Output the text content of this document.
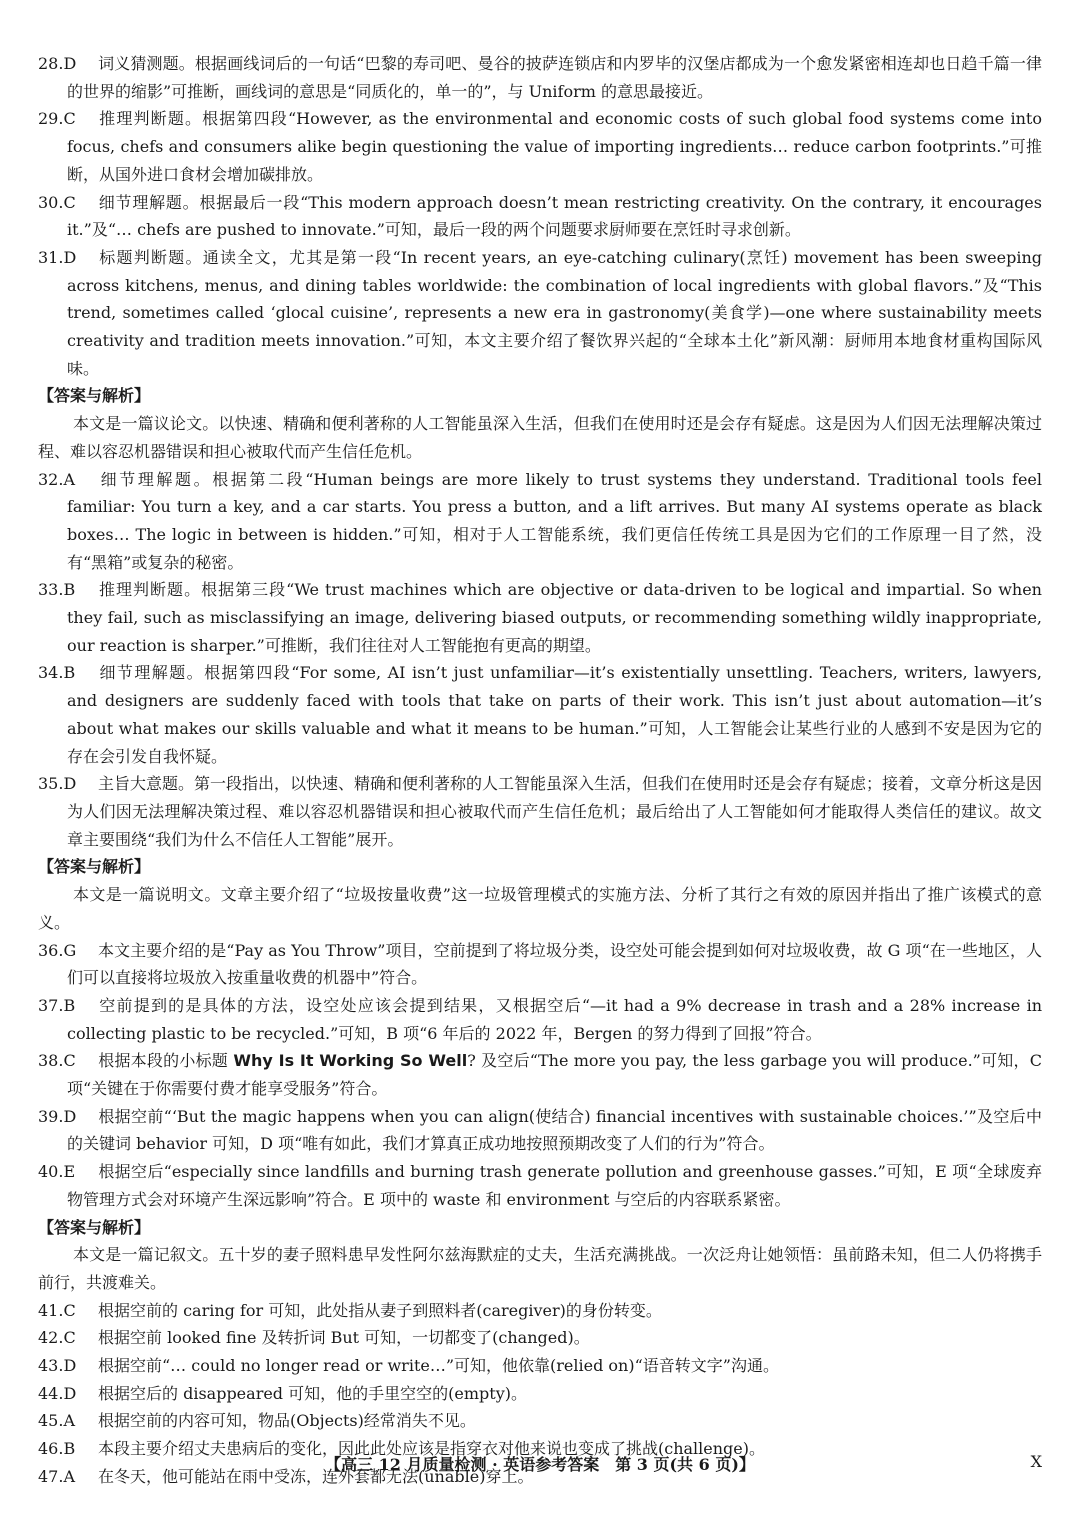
28.D 词义猜测题。根据画线词后的一句话“巴黎的寿司吧、曼谷的披萨连锁店和内罗毕的汉堡店都成为一个愈发紧密相连却也日趋千篇一律的世界的缩影”可推断，画线词的意思是“同质化的，单一的”，与 Uniform 的意思最接近。

29.C 推理判断题。根据第四段“However, as the environmental and economic costs of such global food systems come into focus, chefs and consumers alike begin questioning the value of importing ingredients… reduce carbon footprints.”可推断，从国外进口食材会增加碳排放。

30.C 细节理解题。根据最后一段“This modern approach doesn’t mean restricting creativity. On the contrary, it encourages it.”及“… chefs are pushed to innovate.”可知，最后一段的两个问题要求厨师要在烹饪时寻求创新。

31.D 标题判断题。通读全文，尤其是第一段“In recent years, an eye-catching culinary(烹饪) movement has been sweeping across kitchens, menus, and dining tables worldwide: the combination of local ingredients with global flavors.”及“This trend, sometimes called ‘glocal cuisine’, represents a new era in gastronomy(美食学)—one where sustainability meets creativity and tradition meets innovation.”可知，本文主要介绍了餐饮界兴起的“全球本土化”新风潮：厨师用本地食材重构国际风味。

【答案与解析】

本文是一篇议论文。以快速、精确和便利著称的人工智能虽深入生活，但我们在使用时还是会存有疑虑。这是因为人们因无法理解决策过程、难以容忍机器错误和担心被取代而产生信任危机。

32.A 细节理解题。根据第二段“Human beings are more likely to trust systems they understand. Traditional tools feel familiar: You turn a key, and a car starts. You press a button, and a lift arrives. But many AI systems operate as black boxes… The logic in between is hidden.”可知，相对于人工智能系统，我们更信任传统工具是因为它们的工作原理一目了然，没有“黑箱”或复杂的秘密。

33.B 推理判断题。根据第三段“We trust machines which are objective or data-driven to be logical and impartial. So when they fail, such as misclassifying an image, delivering biased outputs, or recommending something wildly inappropriate, our reaction is sharper.”可推断，我们往往对人工智能抱有更高的期望。

34.B 细节理解题。根据第四段“For some, AI isn’t just unfamiliar—it’s existentially unsettling. Teachers, writers, lawyers, and designers are suddenly faced with tools that take on parts of their work. This isn’t just about automation—it’s about what makes our skills valuable and what it means to be human.”可知，人工智能会让某些行业的人感到不安是因为它的存在会引发自我怀疑。

35.D 主旨大意题。第一段指出，以快速、精确和便利著称的人工智能虽深入生活，但我们在使用时还是会存有疑虑；接着，文章分析这是因为人们因无法理解决策过程、难以容忍机器错误和担心被取代而产生信任危机；最后给出了人工智能如何才能取得人类信任的建议。故文章主要围绕“我们为什么不信任人工智能”展开。

【答案与解析】

本文是一篇说明文。文章主要介绍了“垃圾按量收费”这一垃圾管理模式的实施方法、分析了其行之有效的原因并指出了推广该模式的意义。

36.G 本文主要介绍的是“Pay as You Throw”项目，空前提到了将垃圾分类，设空处可能会提到如何对垃圾收费，故 G 项“在一些地区，人们可以直接将垃圾放入按重量收费的机器中”符合。

37.B 空前提到的是具体的方法，设空处应该会提到结果，又根据空后“—it had a 9% decrease in trash and a 28% increase in collecting plastic to be recycled.”可知，B 项“6 年后的 2022 年，Bergen 的努力得到了回报”符合。

38.C 根据本段的小标题 Why Is It Working So Well? 及空后“The more you pay, the less garbage you will produce.”可知，C 项“关键在于你需要付费才能享受服务”符合。

39.D 根据空前“‘But the magic happens when you can align(使结合) financial incentives with sustainable choices.’”及空后中的关键词 behavior 可知，D 项“唯有如此，我们才算真正成功地按照预期改变了人们的行为”符合。

40.E 根据空后“especially since landfills and burning trash generate pollution and greenhouse gasses.”可知，E 项“全球废弃物管理方式会对环境产生深远影响”符合。E 项中的 waste 和 environment 与空后的内容联系紧密。

【答案与解析】

本文是一篇记叙文。五十岁的妻子照料患早发性阿尔兹海默症的丈夫，生活充满挑战。一次泛舟让她领悟：虽前路未知，但二人仍将携手前行，共渡难关。

41.C 根据空前的 caring for 可知，此处指从妻子到照料者(caregiver)的身份转变。

42.C 根据空前 looked fine 及转折词 But 可知，一切都变了(changed)。

43.D 根据空前“… could no longer read or write…”可知，他依靠(relied on)“语音转文字”沟通。

44.D 根据空后的 disappeared 可知，他的手里空空的(empty)。

45.A 根据空前的内容可知，物品(Objects)经常消失不见。

46.B 本段主要介绍丈夫患病后的变化，因此此处应该是指穿衣对他来说也变成了挑战(challenge)。

47.A 在冬天，他可能站在雨中受冻，连外套都无法(unable)穿上。

【高三 12 月质量检测 · 英语参考答案　第 3 页(共 6 页)】	X
